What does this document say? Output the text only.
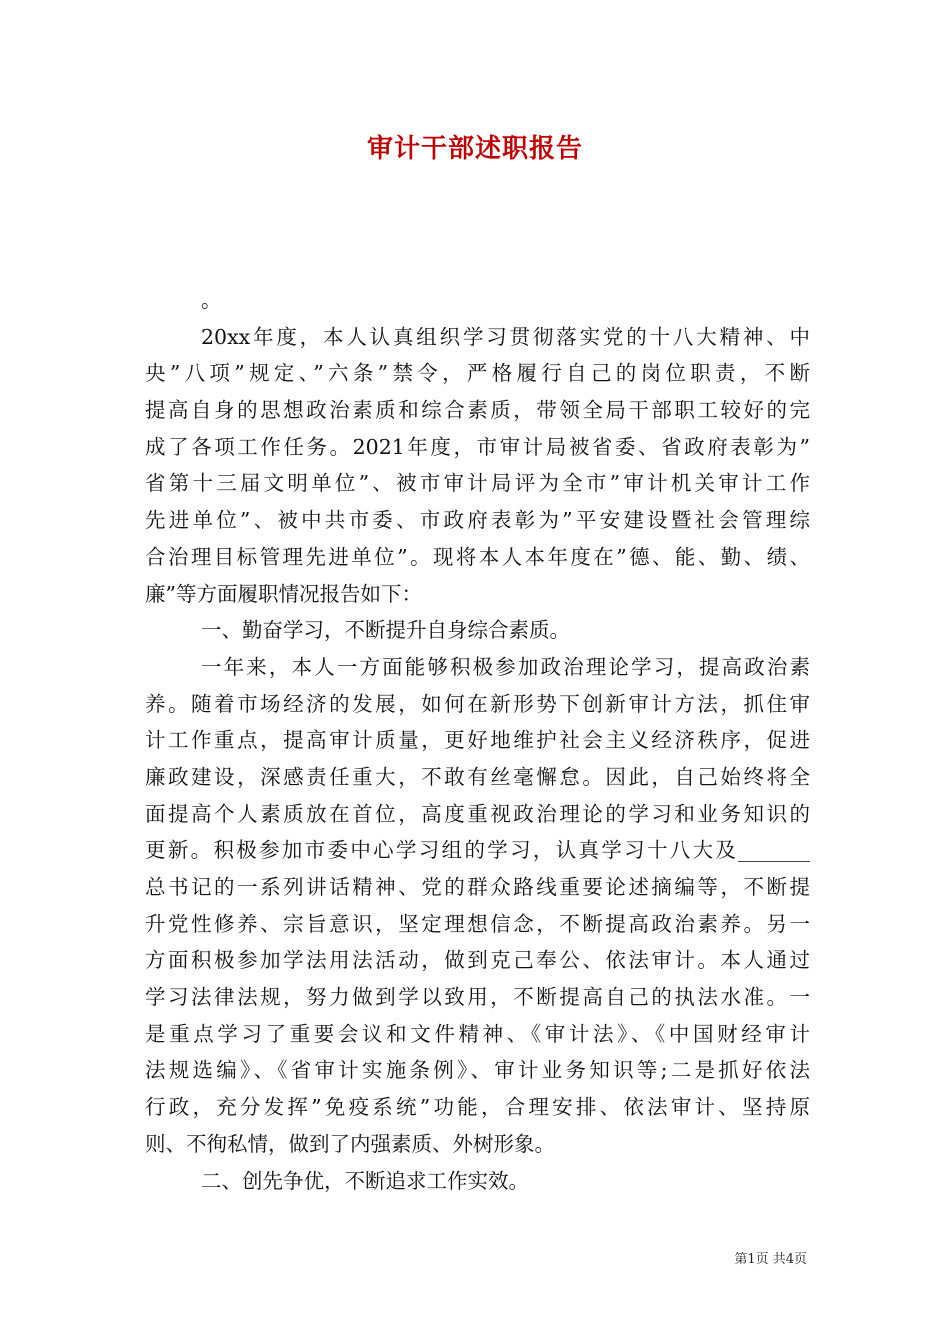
审计干部述职报告
。
20xx年度，本人认真组织学习贯彻落实党的十八大精神、中
央”八项”规定、”六条”禁令，严格履行自己的岗位职责，不断
提高自身的思想政治素质和综合素质，带领全局干部职工较好的完
成了各项工作任务。2021年度，市审计局被省委、省政府表彰为”
省第十三届文明单位”、被市审计局评为全市”审计机关审计工作
先进单位”、被中共市委、市政府表彰为”平安建设暨社会管理综
合治理目标管理先进单位”。现将本人本年度在”德、能、勤、绩、
廉”等方面履职情况报告如下：
一、勤奋学习，不断提升自身综合素质。
一年来，本人一方面能够积极参加政治理论学习，提高政治素
养。随着市场经济的发展，如何在新形势下创新审计方法，抓住审
计工作重点，提高审计质量，更好地维护社会主义经济秩序，促进
廉政建设，深感责任重大，不敢有丝毫懈怠。因此，自己始终将全
面提高个人素质放在首位，高度重视政治理论的学习和业务知识的
更新。积极参加市委中心学习组的学习，认真学习十八大及_______
总书记的一系列讲话精神、党的群众路线重要论述摘编等，不断提
升党性修养、宗旨意识，坚定理想信念，不断提高政治素养。另一
方面积极参加学法用法活动，做到克己奉公、依法审计。本人通过
学习法律法规，努力做到学以致用，不断提高自己的执法水准。一
是重点学习了重要会议和文件精神、《审计法》、《中国财经审计
法规选编》、《省审计实施条例》、审计业务知识等;二是抓好依法
行政，充分发挥”免疫系统”功能，合理安排、依法审计、坚持原
则、不徇私情，做到了内强素质、外树形象。
二、创先争优，不断追求工作实效。
第1页 共4页
